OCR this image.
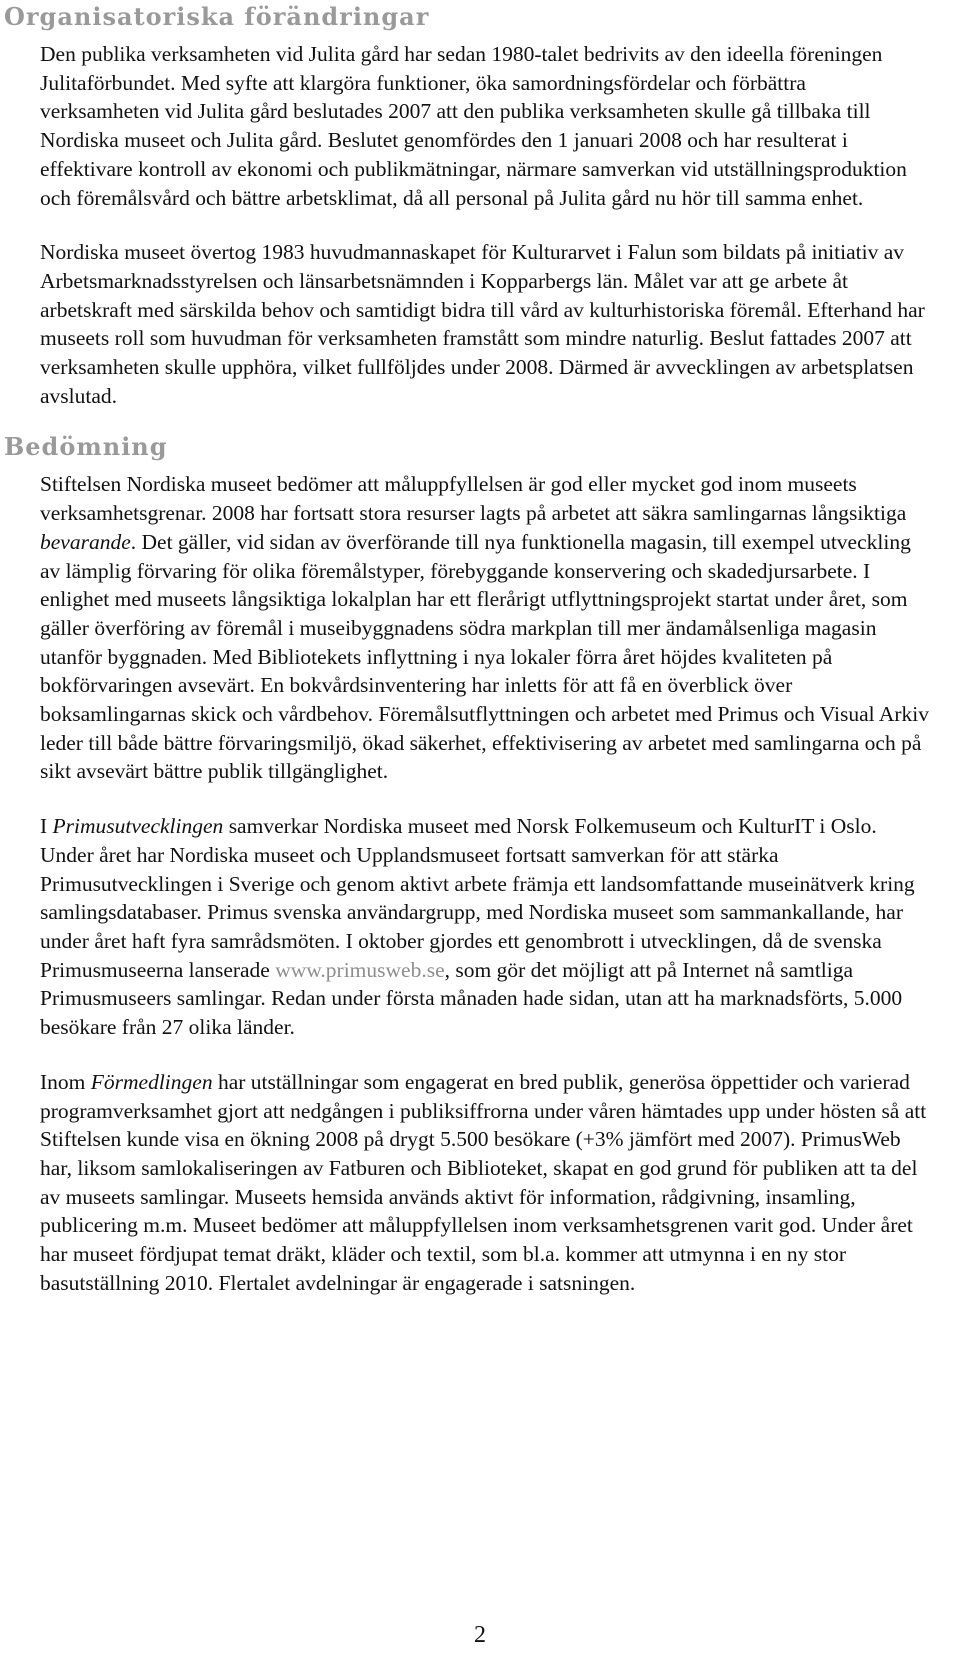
Organisatoriska förändringar

Den publika verksamheten vid Julita gård har sedan 1980-talet bedrivits av den ideella föreningen Julitaförbundet. Med syfte att klargöra funktioner, öka samordningsfördelar och förbättra verksamheten vid Julita gård beslutades 2007 att den publika verksamheten skulle gå tillbaka till Nordiska museet och Julita gård. Beslutet genomfördes den 1 januari 2008 och har resulterat i effektivare kontroll av ekonomi och publikmätningar, närmare samverkan vid utställningsproduktion och föremålsvård och bättre arbetsklimat, då all personal på Julita gård nu hör till samma enhet.

Nordiska museet övertog 1983 huvudmannaskapet för Kulturarvet i Falun som bildats på initiativ av Arbetsmarknadsstyrelsen och länsarbetsnämnden i Kopparbergs län. Målet var att ge arbete åt arbetskraft med särskilda behov och samtidigt bidra till vård av kulturhistoriska föremål. Efterhand har museets roll som huvudman för verksamheten framstått som mindre naturlig. Beslut fattades 2007 att verksamheten skulle upphöra, vilket fullföljdes under 2008. Därmed är avvecklingen av arbetsplatsen avslutad.

Bedömning

Stiftelsen Nordiska museet bedömer att måluppfyllelsen är god eller mycket god inom museets verksamhetsgrenar. 2008 har fortsatt stora resurser lagts på arbetet att säkra samlingarnas långsiktiga bevarande. Det gäller, vid sidan av överförande till nya funktionella magasin, till exempel utveckling av lämplig förvaring för olika föremålstyper, förebyggande konservering och skadedjursarbete. I enlighet med museets långsiktiga lokalplan har ett flerårigt utflyttningsprojekt startat under året, som gäller överföring av föremål i museibyggnadens södra markplan till mer ändamålsenliga magasin utanför byggnaden. Med Bibliotekets inflyttning i nya lokaler förra året höjdes kvaliteten på bokförvaringen avsevärt. En bokvårdsinventering har inletts för att få en överblick över boksamlingarnas skick och vårdbehov. Föremålsutflyttningen och arbetet med Primus och Visual Arkiv leder till både bättre förvaringsmiljö, ökad säkerhet, effektivisering av arbetet med samlingarna och på sikt avsevärt bättre publik tillgänglighet.

I Primusutvecklingen samverkar Nordiska museet med Norsk Folkemuseum och KulturIT i Oslo. Under året har Nordiska museet och Upplandsmuseet fortsatt samverkan för att stärka Primusutvecklingen i Sverige och genom aktivt arbete främja ett landsomfattande museinätverk kring samlingsdatabaser. Primus svenska användargrupp, med Nordiska museet som sammankallande, har under året haft fyra samrådsmöten. I oktober gjordes ett genombrott i utvecklingen, då de svenska Primusmuseerna lanserade www.primusweb.se, som gör det möjligt att på Internet nå samtliga Primusmuseers samlingar. Redan under första månaden hade sidan, utan att ha marknadsförts, 5.000 besökare från 27 olika länder.

Inom Förmedlingen har utställningar som engagerat en bred publik, generösa öppettider och varierad programverksamhet gjort att nedgången i publiksiffrorna under våren hämtades upp under hösten så att Stiftelsen kunde visa en ökning 2008 på drygt 5.500 besökare (+3% jämfört med 2007). PrimusWeb har, liksom samlokaliseringen av Fatburen och Biblioteket, skapat en god grund för publiken att ta del av museets samlingar. Museets hemsida används aktivt för information, rådgivning, insamling, publicering m.m. Museet bedömer att måluppfyllelsen inom verksamhetsgrenen varit god. Under året har museet fördjupat temat dräkt, kläder och textil, som bl.a. kommer att utmynna i en ny stor basutställning 2010. Flertalet avdelningar är engagerade i satsningen.

2
